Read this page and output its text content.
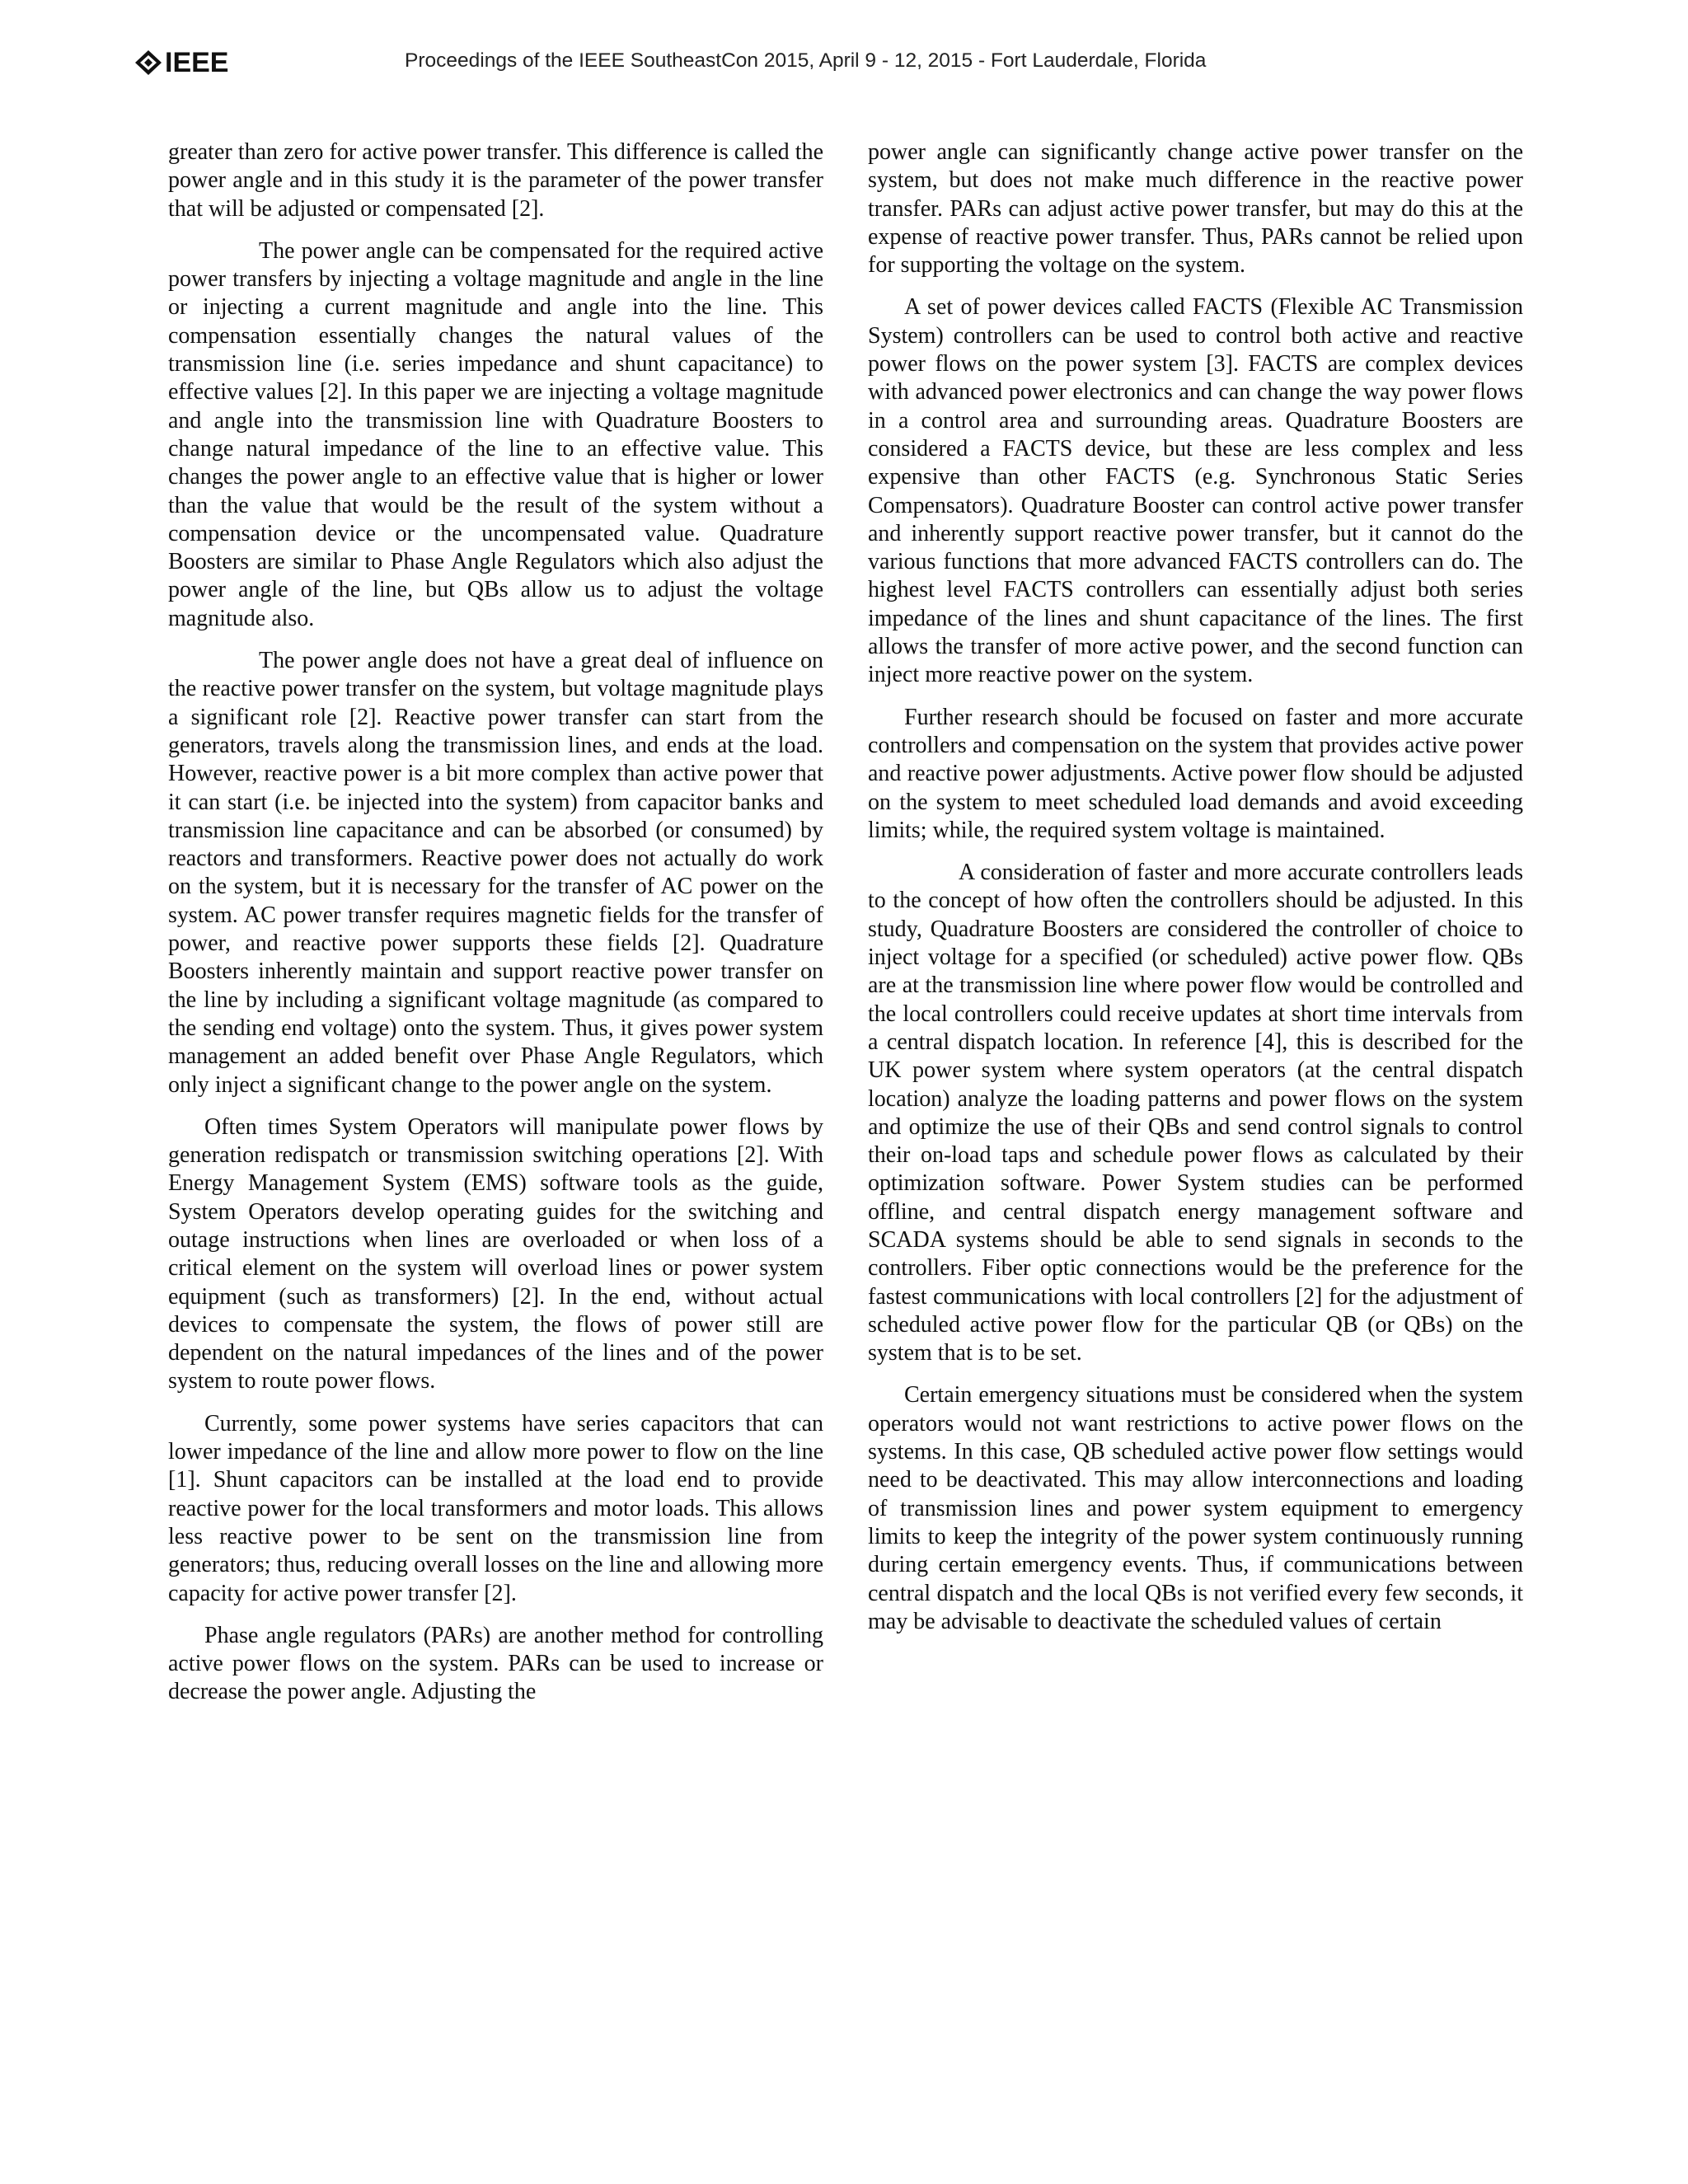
IEEE	Proceedings of the IEEE SoutheastCon 2015, April 9 - 12, 2015 - Fort Lauderdale, Florida

greater than zero for active power transfer. This difference is called the power angle and in this study it is the parameter of the power transfer that will be adjusted or compensated [2].

The power angle can be compensated for the required active power transfers by injecting a voltage magnitude and angle in the line or injecting a current magnitude and angle into the line. This compensation essentially changes the natural values of the transmission line (i.e. series impedance and shunt capacitance) to effective values [2]. In this paper we are injecting a voltage magnitude and angle into the transmission line with Quadrature Boosters to change natural impedance of the line to an effective value. This changes the power angle to an effective value that is higher or lower than the value that would be the result of the system without a compensation device or the uncompensated value. Quadrature Boosters are similar to Phase Angle Regulators which also adjust the power angle of the line, but QBs allow us to adjust the voltage magnitude also.

The power angle does not have a great deal of influence on the reactive power transfer on the system, but voltage magnitude plays a significant role [2]. Reactive power transfer can start from the generators, travels along the transmission lines, and ends at the load. However, reactive power is a bit more complex than active power that it can start (i.e. be injected into the system) from capacitor banks and transmission line capacitance and can be absorbed (or consumed) by reactors and transformers. Reactive power does not actually do work on the system, but it is necessary for the transfer of AC power on the system. AC power transfer requires magnetic fields for the transfer of power, and reactive power supports these fields [2]. Quadrature Boosters inherently maintain and support reactive power transfer on the line by including a significant voltage magnitude (as compared to the sending end voltage) onto the system. Thus, it gives power system management an added benefit over Phase Angle Regulators, which only inject a significant change to the power angle on the system.

Often times System Operators will manipulate power flows by generation redispatch or transmission switching operations [2]. With Energy Management System (EMS) software tools as the guide, System Operators develop operating guides for the switching and outage instructions when lines are overloaded or when loss of a critical element on the system will overload lines or power system equipment (such as transformers) [2]. In the end, without actual devices to compensate the system, the flows of power still are dependent on the natural impedances of the lines and of the power system to route power flows.

Currently, some power systems have series capacitors that can lower impedance of the line and allow more power to flow on the line [1]. Shunt capacitors can be installed at the load end to provide reactive power for the local transformers and motor loads. This allows less reactive power to be sent on the transmission line from generators; thus, reducing overall losses on the line and allowing more capacity for active power transfer [2].

Phase angle regulators (PARs) are another method for controlling active power flows on the system. PARs can be used to increase or decrease the power angle. Adjusting the

power angle can significantly change active power transfer on the system, but does not make much difference in the reactive power transfer. PARs can adjust active power transfer, but may do this at the expense of reactive power transfer. Thus, PARs cannot be relied upon for supporting the voltage on the system.

A set of power devices called FACTS (Flexible AC Transmission System) controllers can be used to control both active and reactive power flows on the power system [3]. FACTS are complex devices with advanced power electronics and can change the way power flows in a control area and surrounding areas. Quadrature Boosters are considered a FACTS device, but these are less complex and less expensive than other FACTS (e.g. Synchronous Static Series Compensators). Quadrature Booster can control active power transfer and inherently support reactive power transfer, but it cannot do the various functions that more advanced FACTS controllers can do. The highest level FACTS controllers can essentially adjust both series impedance of the lines and shunt capacitance of the lines. The first allows the transfer of more active power, and the second function can inject more reactive power on the system.

Further research should be focused on faster and more accurate controllers and compensation on the system that provides active power and reactive power adjustments. Active power flow should be adjusted on the system to meet scheduled load demands and avoid exceeding limits; while, the required system voltage is maintained.

A consideration of faster and more accurate controllers leads to the concept of how often the controllers should be adjusted. In this study, Quadrature Boosters are considered the controller of choice to inject voltage for a specified (or scheduled) active power flow. QBs are at the transmission line where power flow would be controlled and the local controllers could receive updates at short time intervals from a central dispatch location. In reference [4], this is described for the UK power system where system operators (at the central dispatch location) analyze the loading patterns and power flows on the system and optimize the use of their QBs and send control signals to control their on-load taps and schedule power flows as calculated by their optimization software. Power System studies can be performed offline, and central dispatch energy management software and SCADA systems should be able to send signals in seconds to the controllers. Fiber optic connections would be the preference for the fastest communications with local controllers [2] for the adjustment of scheduled active power flow for the particular QB (or QBs) on the system that is to be set.

Certain emergency situations must be considered when the system operators would not want restrictions to active power flows on the systems. In this case, QB scheduled active power flow settings would need to be deactivated. This may allow interconnections and loading of transmission lines and power system equipment to emergency limits to keep the integrity of the power system continuously running during certain emergency events. Thus, if communications between central dispatch and the local QBs is not verified every few seconds, it may be advisable to deactivate the scheduled values of certain
